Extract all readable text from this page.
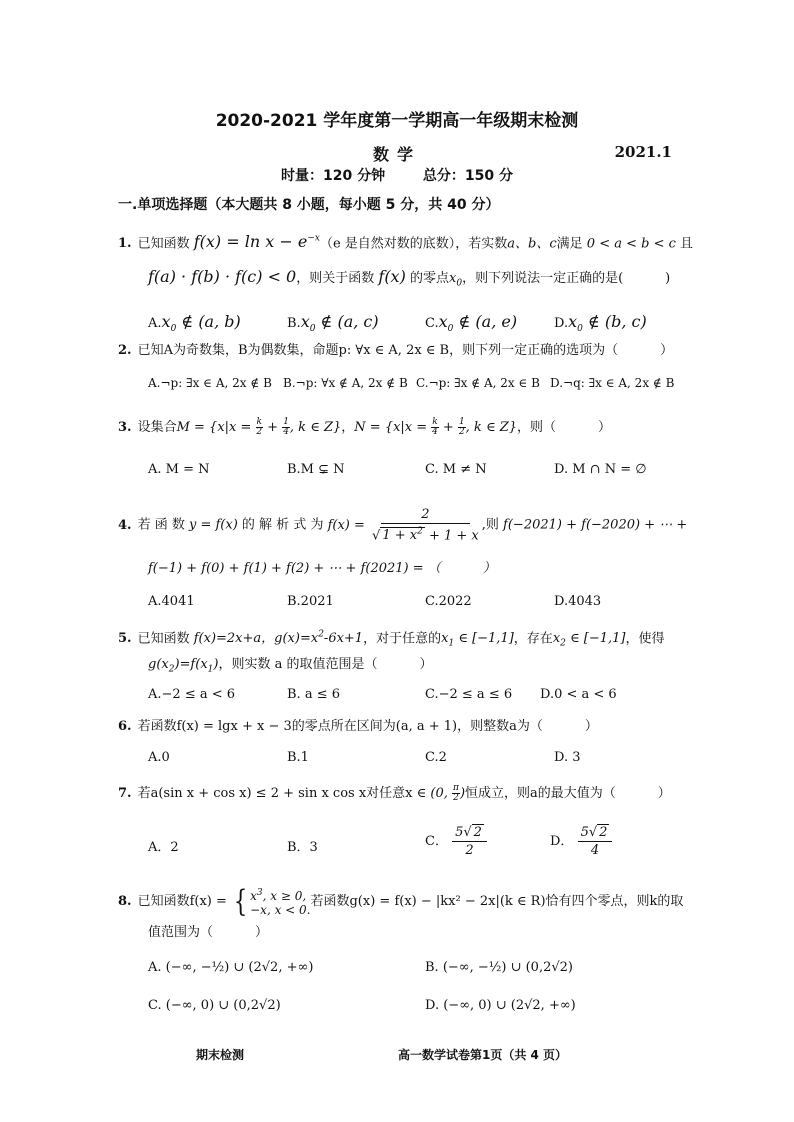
2020-2021 学年度第一学期高一年级期末检测
数学	2021.1
时量：120 分钟	总分：150 分
一.单项选择题（本大题共 8 小题，每小题 5 分，共 40 分）
1. 已知函数 $f(x) = \ln x - e^{-x}(e$ 是自然对数的底数），若实数a、b、c满足 0 < a < b < c 且
f(a) · f(b) · f(c) < 0，则关于函数 f(x) 的零点$x_0$，则下列说法一定正确的是(	)
$A.x_0$ ∉ (a, b)	$B.x_0$ ∉ (a, c)	$C.x_0$ ∉ (a, e)	$D.x_0$ ∉ (b, c)
2. 已知A为奇数集，B为偶数集，命题p: ∀x ∈ A, 2x ∈ B，则下列一定正确的选项为（	）
A.¬p: ∃x ∈ A, 2x ∉ B B.¬p: ∀x ∉ A, 2x ∉ B C.¬p: ∃x ∉ A, 2x ∈ B D.¬q: ∃x ∈ A, 2x ∉ B
3. 设集合$M = \{x|x = \frac{k}{2} + \frac{1}{4}$ , k ∈ Z}，$N = \{x|x = \frac{k}{4} + \frac{1}{2}$ , k ∈ Z}，则（	）
A. M = N	B.M ⊊ N	C. M ≠ N	D. M ∩ N = ∅
4. 若 函 数 y = f(x) 的 解 析 式 为 $f(x) = \frac{2}{√ 1 + x^2 + 1 + x}$ ,则 f(−2021) + f(−2020) + ⋯ +
f(−1) + f(0) + f(1) + f(2) + ⋯ + f(2021) = （	）
A.4041	B.2021	C.2022	D.4043
5. 已知函数 f(x)=2x+a，$g(x)=x^2-6x+1$，对于任意的$x_1$ ∈ [−1,1]，存在$x_2$ ∈ [−1,1]，使得
$g(x_2)=f(x_1)$，则实数 a 的取值范围是（	）
A.−2 ≤ a < 6	B. a ≤ 6	C.−2 ≤ a ≤ 6 D.0 < a < 6
6. 若函数f(x) = lgx + x − 3的零点所在区间为(a, a + 1)，则整数a为（	）
A.0	B.1	C.2	D. 3
7. 若a(sin x + cos x) ≤ 2 + sin x cos x对任意x ∈ (0, $\frac{\pi}{2}$ )恒成立，则a的最大值为（	）
A．2	B．3	C． $\frac{5√ 2}{2}$	D． $\frac{5√ 2}{4}$
8. 已知函数f(x) = { $x^3$, x ≥ 0,
−x, x < 0.
若函数g(x) = f(x) − |kx² − 2x|(k ∈ R)恰有四个零点，则k的取
值范围为（	）
A. (−∞, −½) ∪ (2√2, +∞)	B. (−∞, −½) ∪ (0,2√2)
C. (−∞, 0) ∪ (0,2√2)	D. (−∞, 0) ∪ (2√2, +∞)
期末检测	高一数学试卷第1页（共 4 页）
